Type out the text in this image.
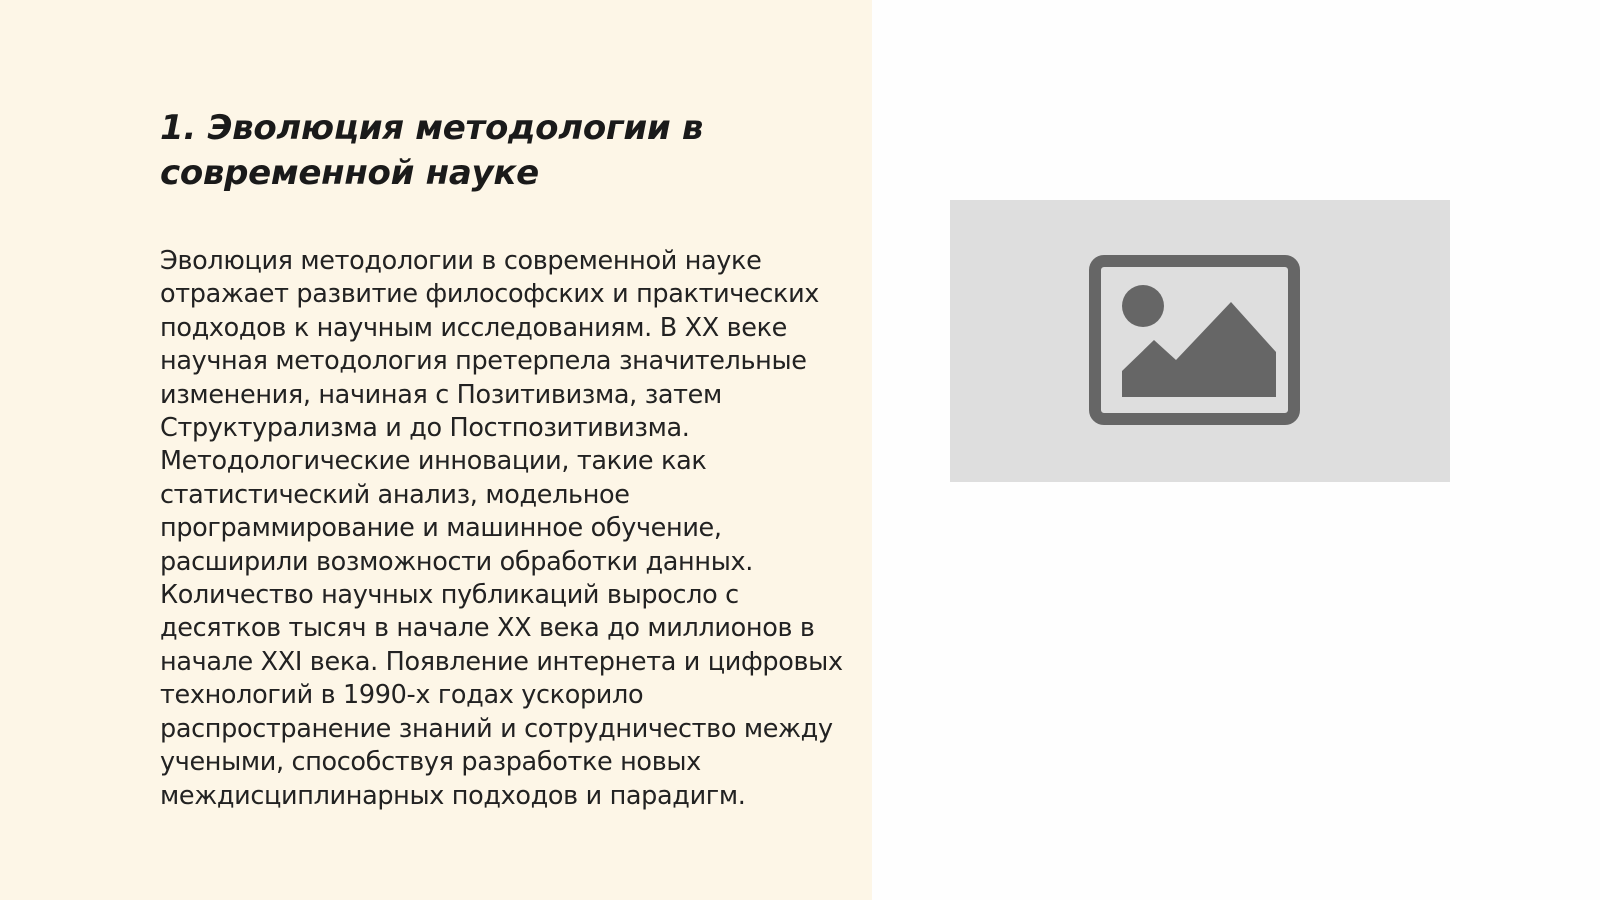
1. Эволюция методологии в современной науке

Эволюция методологии в современной науке отражает развитие философских и практических подходов к научным исследованиям. В XX веке научная методология претерпела значительные изменения, начиная с Позитивизма, затем Структурализма и до Постпозитивизма. Методологические инновации, такие как статистический анализ, модельное программирование и машинное обучение, расширили возможности обработки данных. Количество научных публикаций выросло с десятков тысяч в начале XX века до миллионов в начале XXI века. Появление интернета и цифровых технологий в 1990-х годах ускорило распространение знаний и сотрудничество между учеными, способствуя разработке новых междисциплинарных подходов и парадигм.
